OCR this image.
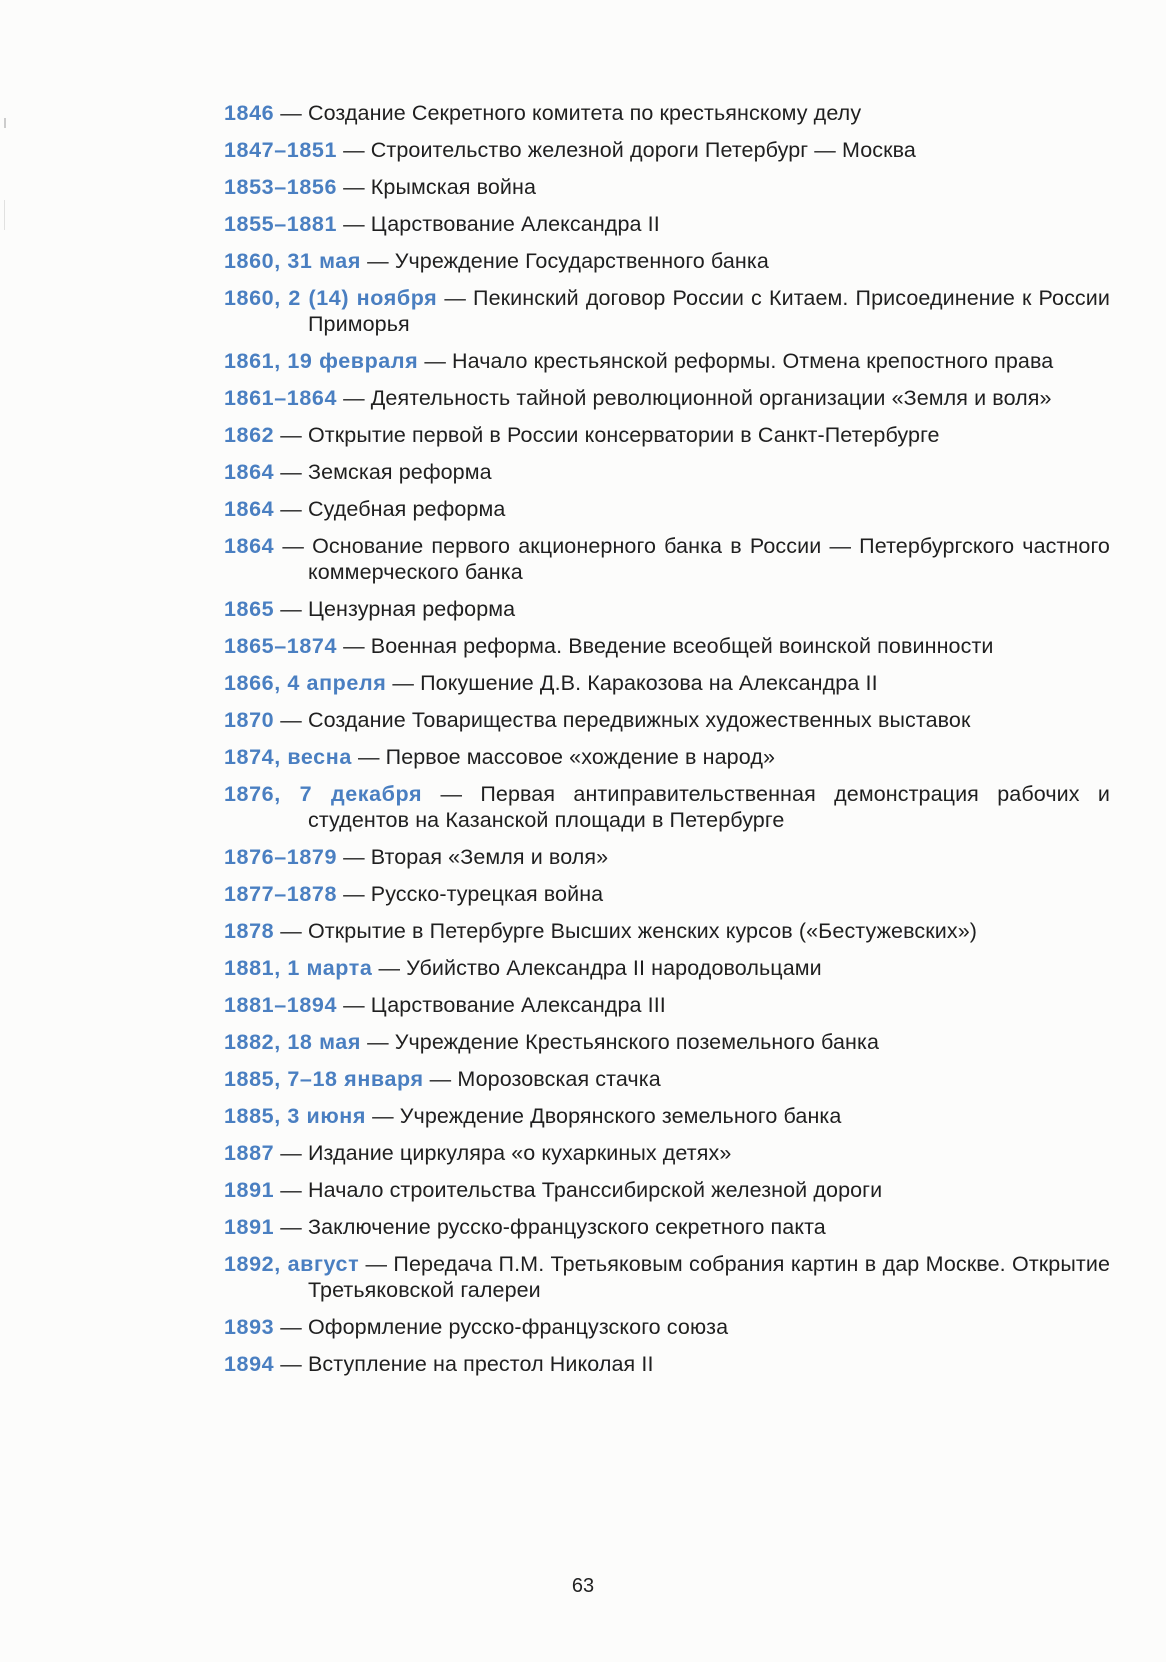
1846 — Создание Секретного комитета по крестьянскому делу
1847–1851 — Строительство железной дороги Петербург — Москва
1853–1856 — Крымская война
1855–1881 — Царствование Александра II
1860, 31 мая — Учреждение Государственного банка
1860, 2 (14) ноября — Пекинский договор России с Китаем. Присоединение к России Приморья
1861, 19 февраля — Начало крестьянской реформы. Отмена крепостного права
1861–1864 — Деятельность тайной революционной организации «Земля и воля»
1862 — Открытие первой в России консерватории в Санкт-Петербурге
1864 — Земская реформа
1864 — Судебная реформа
1864 — Основание первого акционерного банка в России — Петербургского частного коммерческого банка
1865 — Цензурная реформа
1865–1874 — Военная реформа. Введение всеобщей воинской повинности
1866, 4 апреля — Покушение Д.В. Каракозова на Александра II
1870 — Создание Товарищества передвижных художественных выставок
1874, весна — Первое массовое «хождение в народ»
1876, 7 декабря — Первая антиправительственная демонстрация рабочих и студентов на Казанской площади в Петербурге
1876–1879 — Вторая «Земля и воля»
1877–1878 — Русско-турецкая война
1878 — Открытие в Петербурге Высших женских курсов («Бестужевских»)
1881, 1 марта — Убийство Александра II народовольцами
1881–1894 — Царствование Александра III
1882, 18 мая — Учреждение Крестьянского поземельного банка
1885, 7–18 января — Морозовская стачка
1885, 3 июня — Учреждение Дворянского земельного банка
1887 — Издание циркуляра «о кухаркиных детях»
1891 — Начало строительства Транссибирской железной дороги
1891 — Заключение русско-французского секретного пакта
1892, август — Передача П.М. Третьяковым собрания картин в дар Москве. Открытие Третьяковской галереи
1893 — Оформление русско-французского союза
1894 — Вступление на престол Николая II
63
